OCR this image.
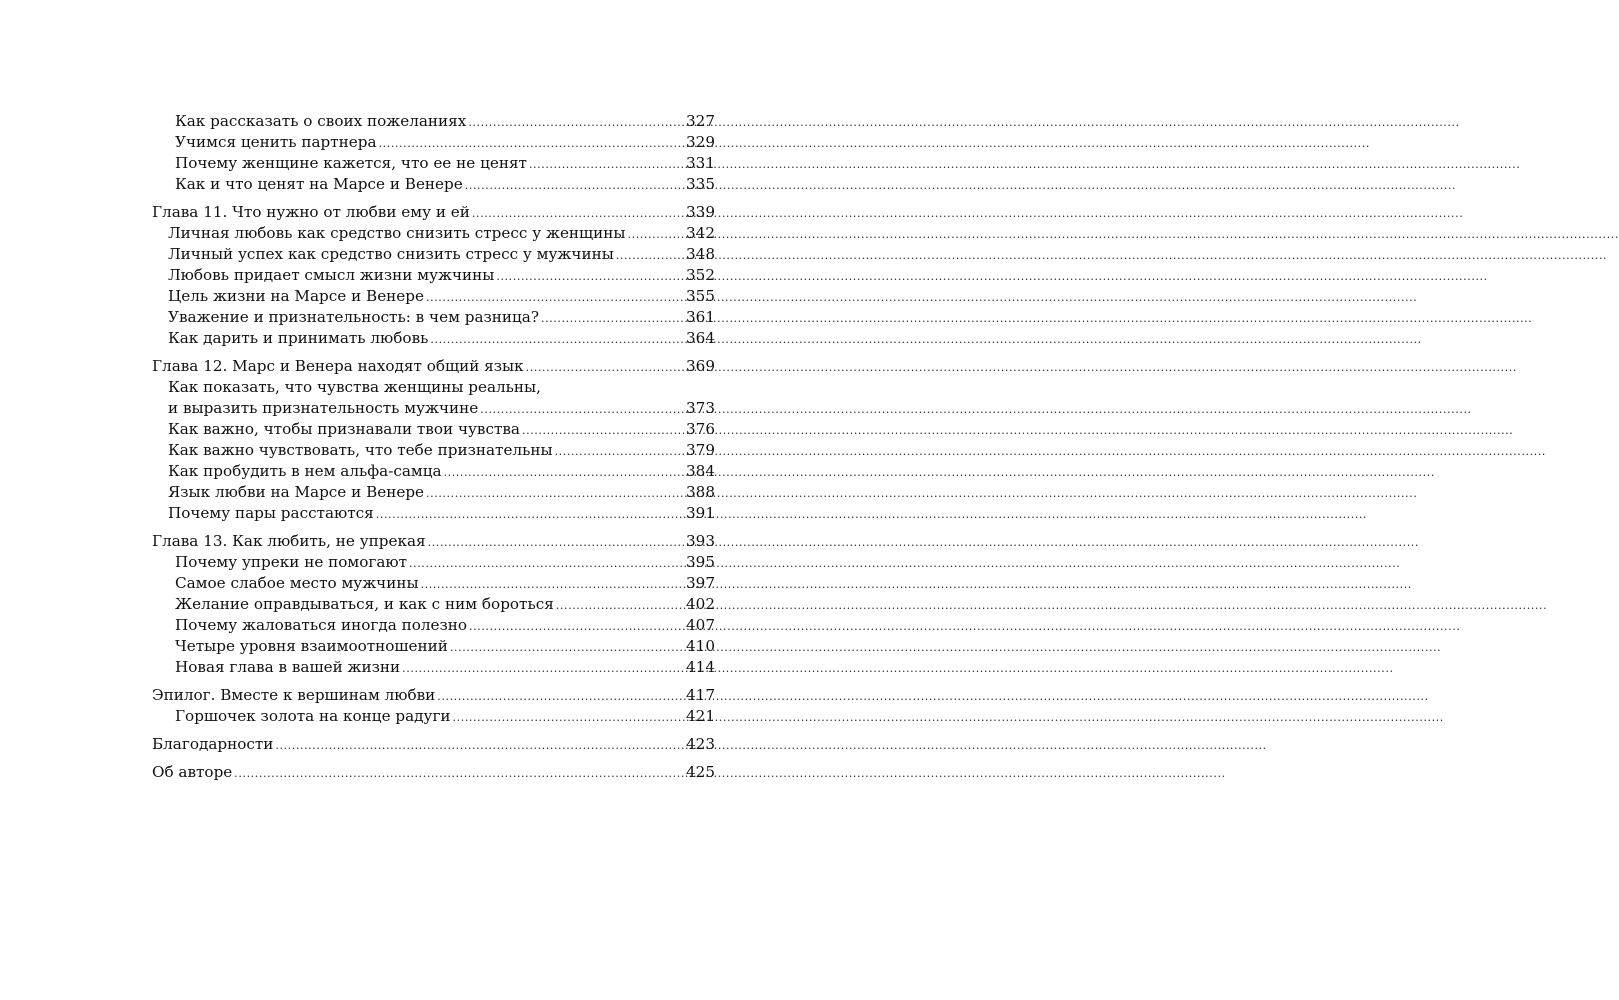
Как рассказать о своих пожеланиях .....	327
Учимся ценить партнера .....	329
Почему женщине кажется, что ее не ценят .....	331
Как и что ценят на Марсе и Венере .....	335
Глава 11. Что нужно от любви ему и ей .....	339
Личная любовь как средство снизить стресс у женщины .....	342
Личный успех как средство снизить стресс у мужчины .....	348
Любовь придает смысл жизни мужчины .....	352
Цель жизни на Марсе и Венере .....	355
Уважение и признательность: в чем разница? .....	361
Как дарить и принимать любовь .....	364
Глава 12. Марс и Венера находят общий язык .....	369
Как показать, что чувства женщины реальны,
и выразить признательность мужчине .....	373
Как важно, чтобы признавали твои чувства .....	376
Как важно чувствовать, что тебе признательны .....	379
Как пробудить в нем альфа-самца .....	384
Язык любви на Марсе и Венере .....	388
Почему пары расстаются .....	391
Глава 13. Как любить, не упрекая .....	393
Почему упреки не помогают .....	395
Самое слабое место мужчины .....	397
Желание оправдываться, и как с ним бороться .....	402
Почему жаловаться иногда полезно .....	407
Четыре уровня взаимоотношений .....	410
Новая глава в вашей жизни .....	414
Эпилог. Вместе к вершинам любви .....	417
Горшочек золота на конце радуги .....	421
Благодарности .....	423
Об авторе .....	425
